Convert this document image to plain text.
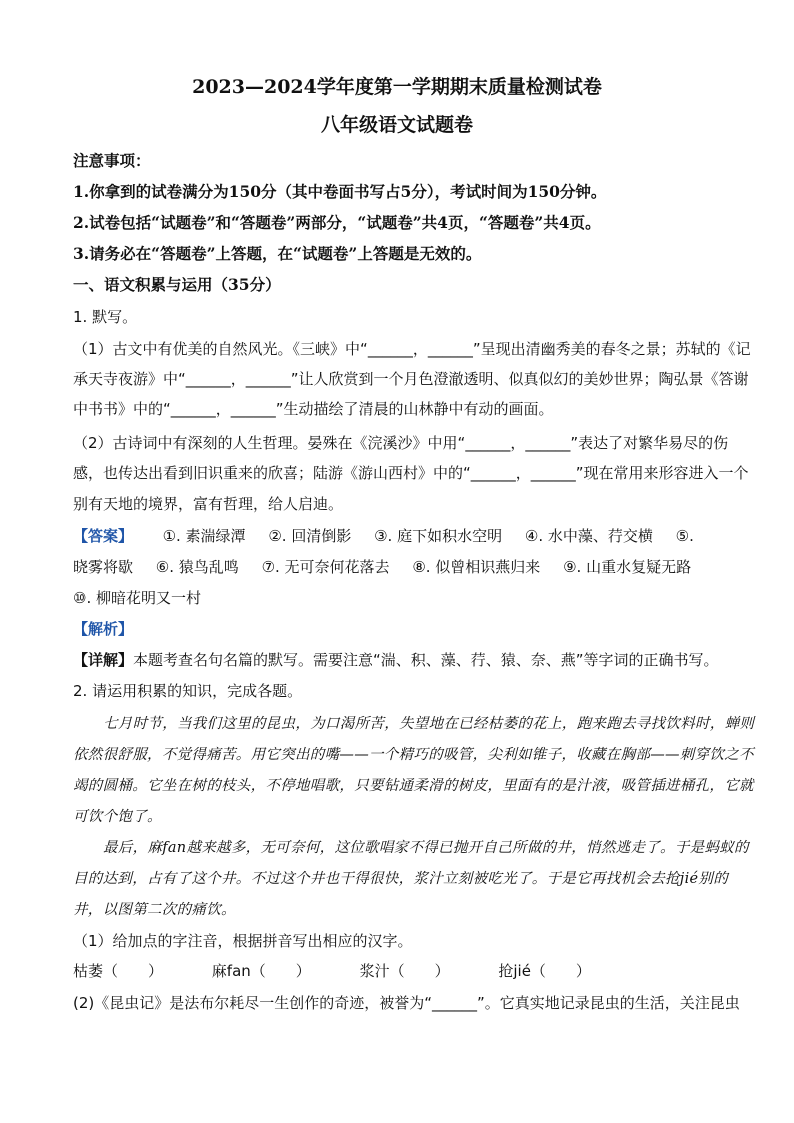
2023—2024学年度第一学期期末质量检测试卷
八年级语文试题卷
注意事项：
1.你拿到的试卷满分为150分（其中卷面书写占5分），考试时间为150分钟。
2.试卷包括“试题卷”和“答题卷”两部分，“试题卷”共4页，“答题卷”共4页。
3.请务必在“答题卷”上答题，在“试题卷”上答题是无效的。
一、语文积累与运用（35分）
1. 默写。
（1）古文中有优美的自然风光。《三峡》中“______，______”呈现出清幽秀美的春冬之景；苏轼的《记
承天寺夜游》中“______，______”让人欣赏到一个月色澄澈透明、似真似幻的美妙世界；陶弘景《答谢
中书书》中的“______，______”生动描绘了清晨的山林静中有动的画面。
（2）古诗词中有深刻的人生哲理。晏殊在《浣溪沙》中用“______，______”表达了对繁华易尽的伤
感，也传达出看到旧识重来的欣喜；陆游《游山西村》中的“______，______”现在常用来形容进入一个
别有天地的境界，富有哲理，给人启迪。
【答案】 ①. 素湍绿潭 ②. 回清倒影 ③. 庭下如积水空明 ④. 水中藻、荇交横 ⑤.
晓雾将歇 ⑥. 猿鸟乱鸣 ⑦. 无可奈何花落去 ⑧. 似曾相识燕归来 ⑨. 山重水复疑无路
⑩. 柳暗花明又一村
【解析】
【详解】本题考查名句名篇的默写。需要注意“湍、积、藻、荇、猿、奈、燕”等字词的正确书写。
2. 请运用积累的知识，完成各题。
七月时节，当我们这里的昆虫，为口渴所苦，失望地在已经枯萎的花上，跑来跑去寻找饮料时，蝉则
依然很舒服，不觉得痛苦。用它突出的嘴——一个精巧的吸管，尖利如锥子，收藏在胸部——刺穿饮之不
竭的圆桶。它坐在树的枝头，不停地唱歌，只要钻通柔滑的树皮，里面有的是汁液，吸管插进桶孔，它就
可饮个饱了。
最后，麻fan越来越多，无可奈何，这位歌唱家不得已抛开自己所做的井，悄然逃走了。于是蚂蚁的
目的达到，占有了这个井。不过这个井也干得很快，浆汁立刻被吃光了。于是它再找机会去抢jié别的
井，以图第二次的痛饮。
（1）给加点的字注音，根据拼音写出相应的汉字。
枯萎（　　）	麻fan（　　）	浆汁（　　）	抢jié（　　）
(2)《昆虫记》是法布尔耗尽一生创作的奇迹，被誉为“______”。它真实地记录昆虫的生活，关注昆虫
